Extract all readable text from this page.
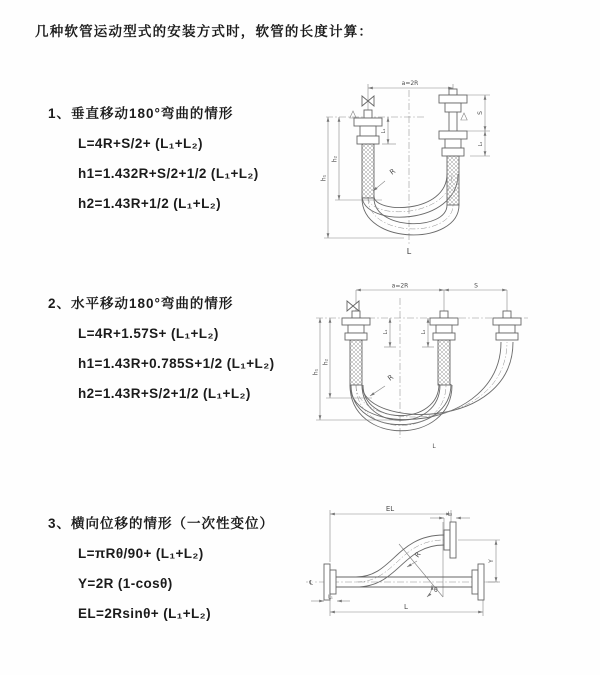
几种软管运动型式的安装方式时，软管的长度计算：
1、垂直移动180°弯曲的情形
L=4R+S/2+ (L₁+L₂)
h1=1.432R+S/2+1/2 (L₁+L₂)
h2=1.43R+1/2 (L₁+L₂)
2、水平移动180°弯曲的情形
L=4R+1.57S+ (L₁+L₂)
h1=1.43R+0.785S+1/2 (L₁+L₂)
h2=1.43R+S/2+1/2 (L₁+L₂)
3、横向位移的情形（一次性变位）
L=πRθ/90+ (L₁+L₂)
Y=2R (1-cosθ)
EL=2Rsinθ+ (L₁+L₂)
a=2R
S
L₁
L₂
h₁
h₂
R
L
a=2R	S
h₁
h₂
L₁	L₂
R
L
EL
L₂
Y
L
L₁
℄
θ
R
